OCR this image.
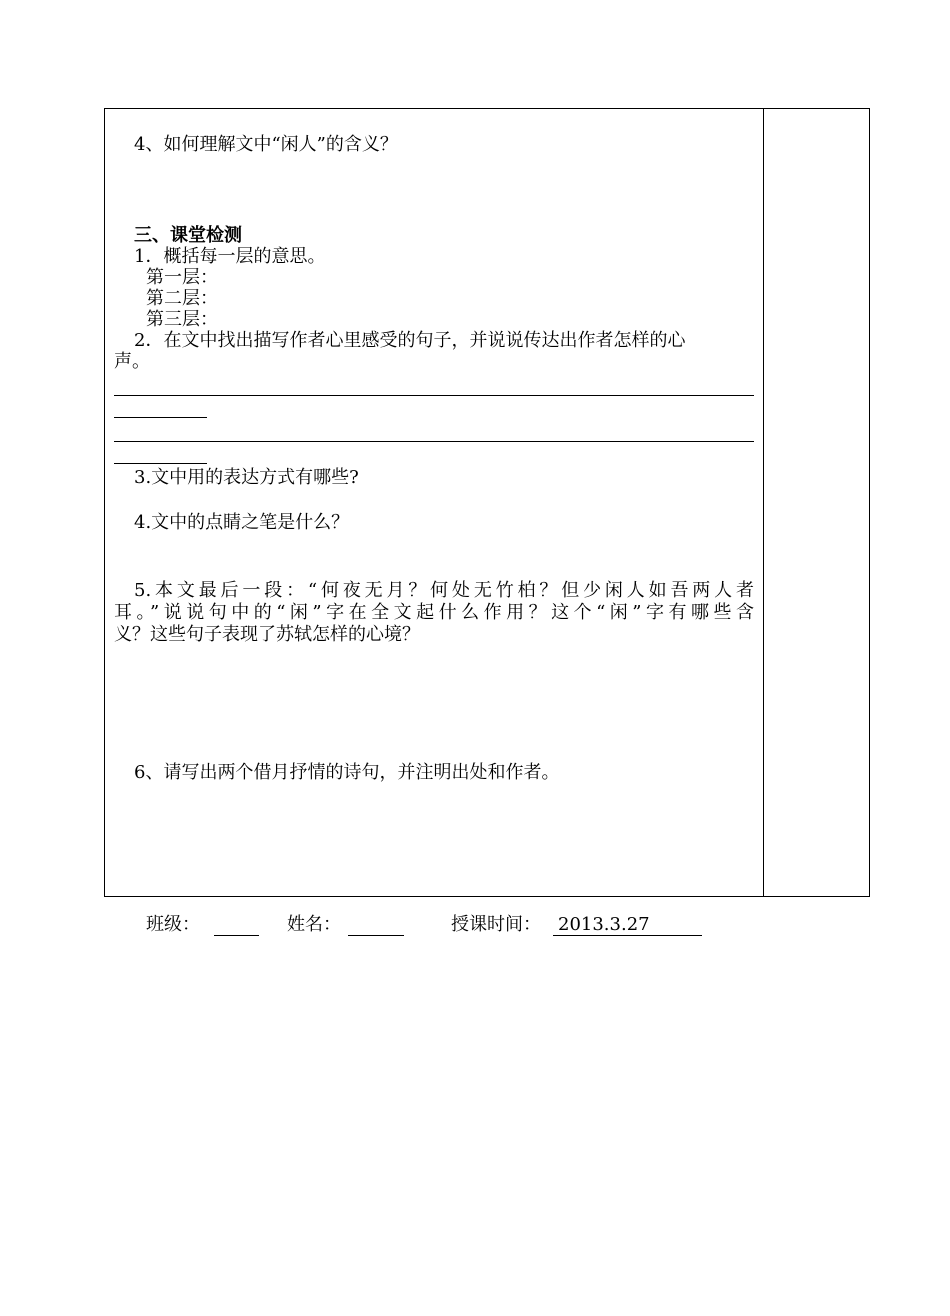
4、如何理解文中“闲人”的含义？
三、课堂检测
1．概括每一层的意思。
第一层：
第二层：
第三层：
2．在文中找出描写作者心里感受的句子，并说说传达出作者怎样的心
声。
3.文中用的表达方式有哪些?
4.文中的点睛之笔是什么？
5.本文最后一段：“何夜无月？何处无竹柏？但少闲人如吾两人者
耳。”说说句中的“闲”字在全文起什么作用？这个“闲”字有哪些含
义？这些句子表现了苏轼怎样的心境？
6、请写出两个借月抒情的诗句，并注明出处和作者。
班级：	姓名：	授课时间： 2013.3.27
